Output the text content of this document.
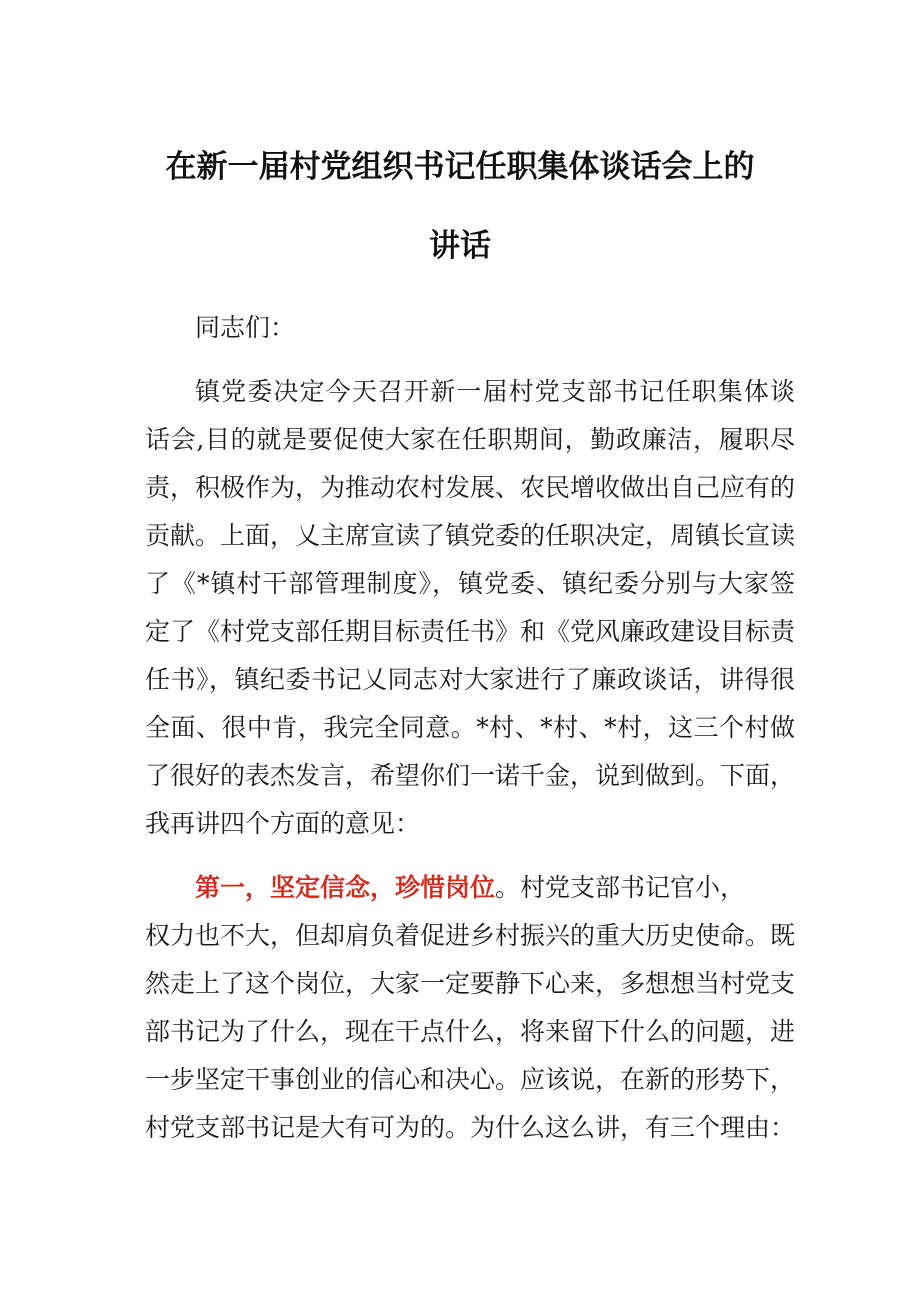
在新一届村党组织书记任职集体谈话会上的
讲话

同志们：

镇党委决定今天召开新一届村党支部书记任职集体谈

话会,目的就是要促使大家在任职期间，勤政廉洁，履职尽

责，积极作为，为推动农村发展、农民增收做出自己应有的

贡献。上面，乂主席宣读了镇党委的任职决定，周镇长宣读

了《*镇村干部管理制度》，镇党委、镇纪委分别与大家签

定了《村党支部任期目标责任书》和《党风廉政建设目标责

任书》，镇纪委书记乂同志对大家进行了廉政谈话，讲得很

全面、很中肯，我完全同意。*村、*村、*村，这三个村做

了很好的表杰发言，希望你们一诺千金，说到做到。下面，

我再讲四个方面的意见：

第一，坚定信念，珍惜岗位。村党支部书记官小，

权力也不大，但却肩负着促进乡村振兴的重大历史使命。既

然走上了这个岗位，大家一定要静下心来，多想想当村党支

部书记为了什么，现在干点什么，将来留下什么的问题，进

一步坚定干事创业的信心和决心。应该说，在新的形势下，

村党支部书记是大有可为的。为什么这么讲，有三个理由：
